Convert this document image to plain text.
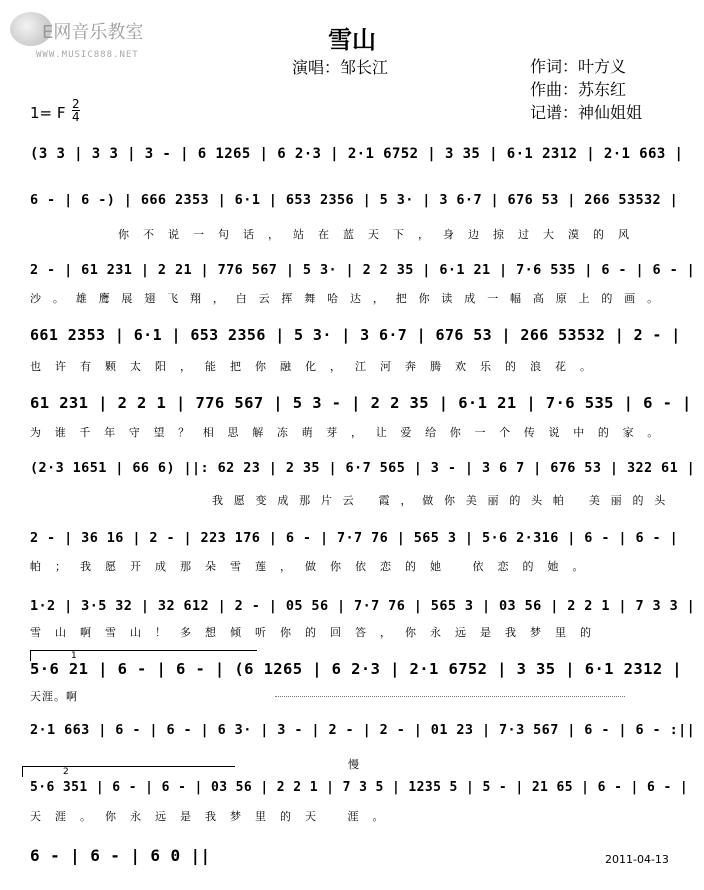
E网音乐教室
WWW.MUSIC888.NET
雪山
演唱：邹长江	作词：叶方义
作曲：苏东红
记谱：神仙姐姐
1= F 2
4
(3 3 | 3 3 | 3 - | 6 1265 | 6 2·3 | 2·1 6752 | 3 35 | 6·1 2312 | 2·1 663 |
6 - | 6 -) | 666 2353 | 6·1 | 653 2356 | 5 3· | 3 6·7 | 676 53 | 266 53532 |
你不说一句话，站在蓝天下，身边掠过大漠的风
2 - | 61 231 | 2 21 | 776 567 | 5 3· | 2 2 35 | 6·1 21 | 7·6 535 | 6 - | 6 - |
沙。雄鹰展翅飞翔，白云挥舞哈达，把你读成一幅高原上的画。
661 2353 | 6·1 | 653 2356 | 5 3· | 3 6·7 | 676 53 | 266 53532 | 2 - |
也许有颗太阳，能把你融化，江河奔腾欢乐的浪花。
61 231 | 2 2 1 | 776 567 | 5 3 - | 2 2 35 | 6·1 21 | 7·6 535 | 6 - |
为谁千年守望？相思解冻萌芽，让爱给你一个传说中的家。
(2·3 1651 | 66 6) ||: 62 23 | 2 35 | 6·7 565 | 3 - | 3 6 7 | 676 53 | 322 61 |
我愿变成那片云 霞，做你美丽的头帕 美丽的头
2 - | 36 16 | 2 - | 223 176 | 6 - | 7·7 76 | 565 3 | 5·6 2·316 | 6 - | 6 - |
帕；我愿开成那朵雪莲，做你依恋的她 依恋的她。
1·2 | 3·5 32 | 32 612 | 2 - | 05 56 | 7·7 76 | 565 3 | 03 56 | 2 2 1 | 7 3 3 |
雪山啊雪山！多想倾听你的回答，你永远是我梦里的
1
5·6 21 | 6 - | 6 - | (6 1265 | 6 2·3 | 2·1 6752 | 3 35 | 6·1 2312 |
天涯。啊
2·1 663 | 6 - | 6 - | 6 3· | 3 - | 2 - | 2 - | 01 23 | 7·3 567 | 6 - | 6 - :||
慢
2
5·6 351 | 6 - | 6 - | 03 56 | 2 2 1 | 7 3 5 | 1235 5 | 5 - | 21 65 | 6 - | 6 - |
天涯。你永远是我梦里的天 涯。
6 - | 6 - | 6 0 ||	2011-04-13
